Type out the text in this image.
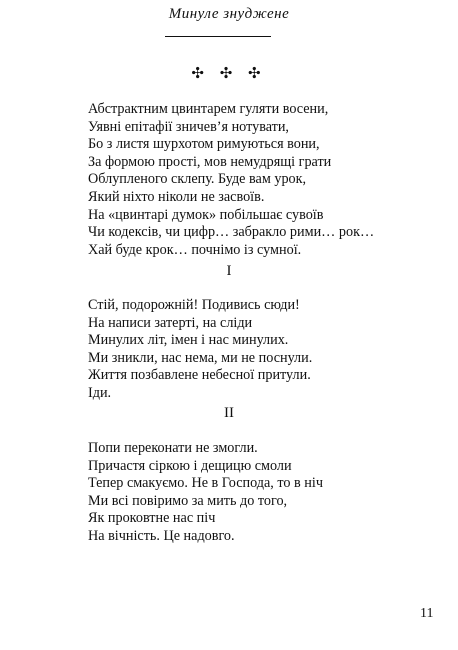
Минуле знуджене
✣ ✣ ✣
Абстрактним цвинтарем гуляти восени,
Уявні епітафії зничев’я нотувати,
Бо з листя шурхотом римуються вони,
За формою прості, мов немудрящі грати
Облупленого склепу. Буде вам урок,
Який ніхто ніколи не засвоїв.
На «цвинтарі думок» побільшає сувоїв
Чи кодексів, чи цифр… забракло рими… рок…
Хай буде крок… почнімо із сумної.
I
Стій, подорожній! Подивись сюди!
На написи затерті, на сліди
Минулих літ, імен і нас минулих.
Ми зникли, нас нема, ми не поснули.
Життя позбавлене небесної притули.
Іди.
II
Попи переконати не змогли.
Причастя сіркою і дещицю смоли
Тепер смакуємо. Не в Господа, то в ніч
Ми всі повіримо за мить до того,
Як проковтне нас піч
На вічність. Це надовго.
11
